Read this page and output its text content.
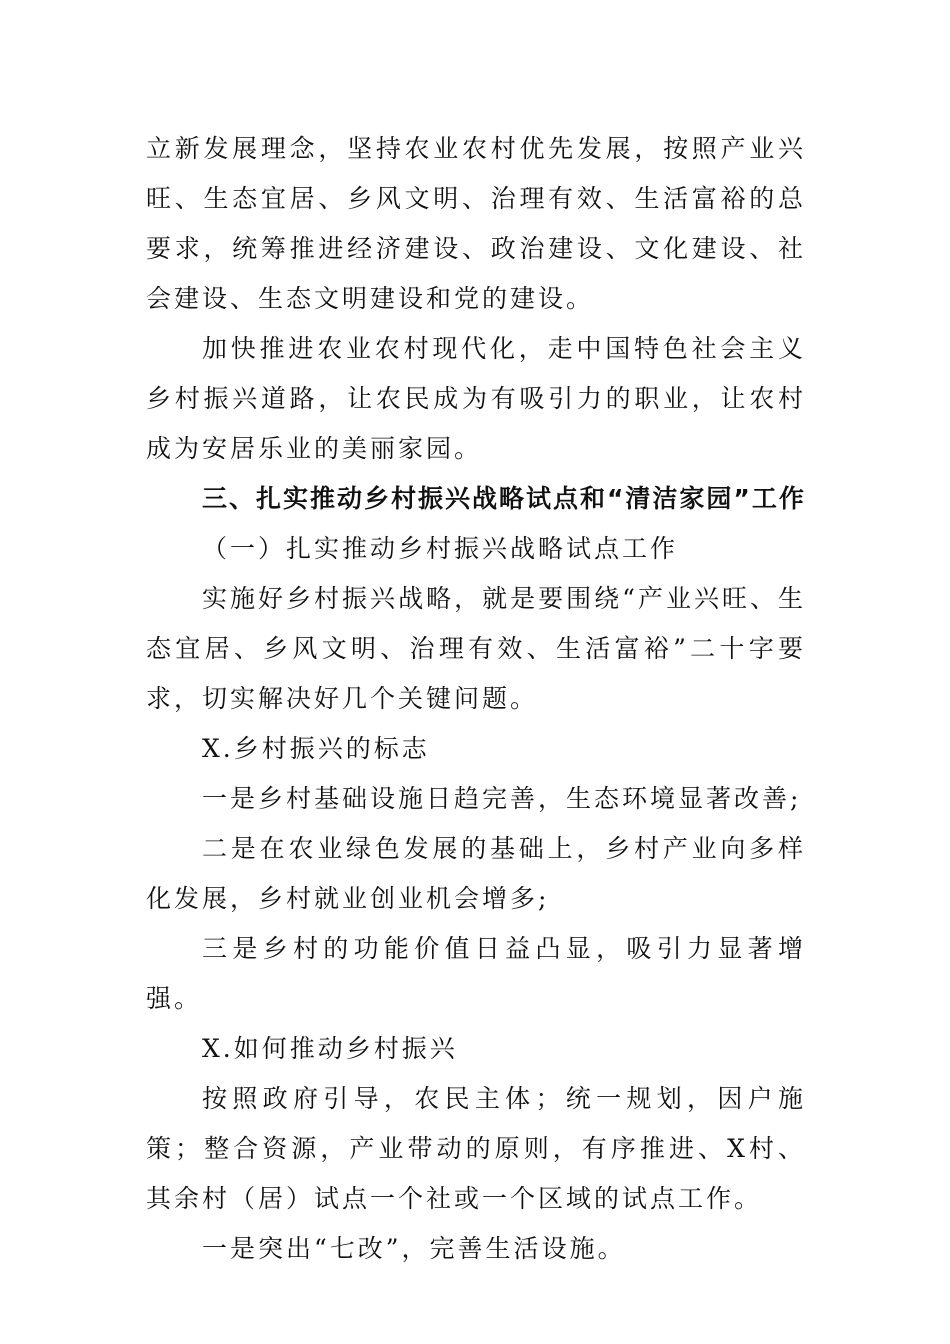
立新发展理念，坚持农业农村优先发展，按照产业兴旺、生态宜居、乡风文明、治理有效、生活富裕的总要求，统筹推进经济建设、政治建设、文化建设、社会建设、生态文明建设和党的建设。

加快推进农业农村现代化，走中国特色社会主义乡村振兴道路，让农民成为有吸引力的职业，让农村成为安居乐业的美丽家园。

三、扎实推动乡村振兴战略试点和“清洁家园”工作

（一）扎实推动乡村振兴战略试点工作

实施好乡村振兴战略，就是要围绕“产业兴旺、生态宜居、乡风文明、治理有效、生活富裕”二十字要求，切实解决好几个关键问题。

X.乡村振兴的标志

一是乡村基础设施日趋完善，生态环境显著改善;

二是在农业绿色发展的基础上，乡村产业向多样化发展，乡村就业创业机会增多;

三是乡村的功能价值日益凸显，吸引力显著增强。

X.如何推动乡村振兴

按照政府引导，农民主体；统一规划，因户施策；整合资源，产业带动的原则，有序推进、X村、其余村（居）试点一个社或一个区域的试点工作。

一是突出“七改”，完善生活设施。
